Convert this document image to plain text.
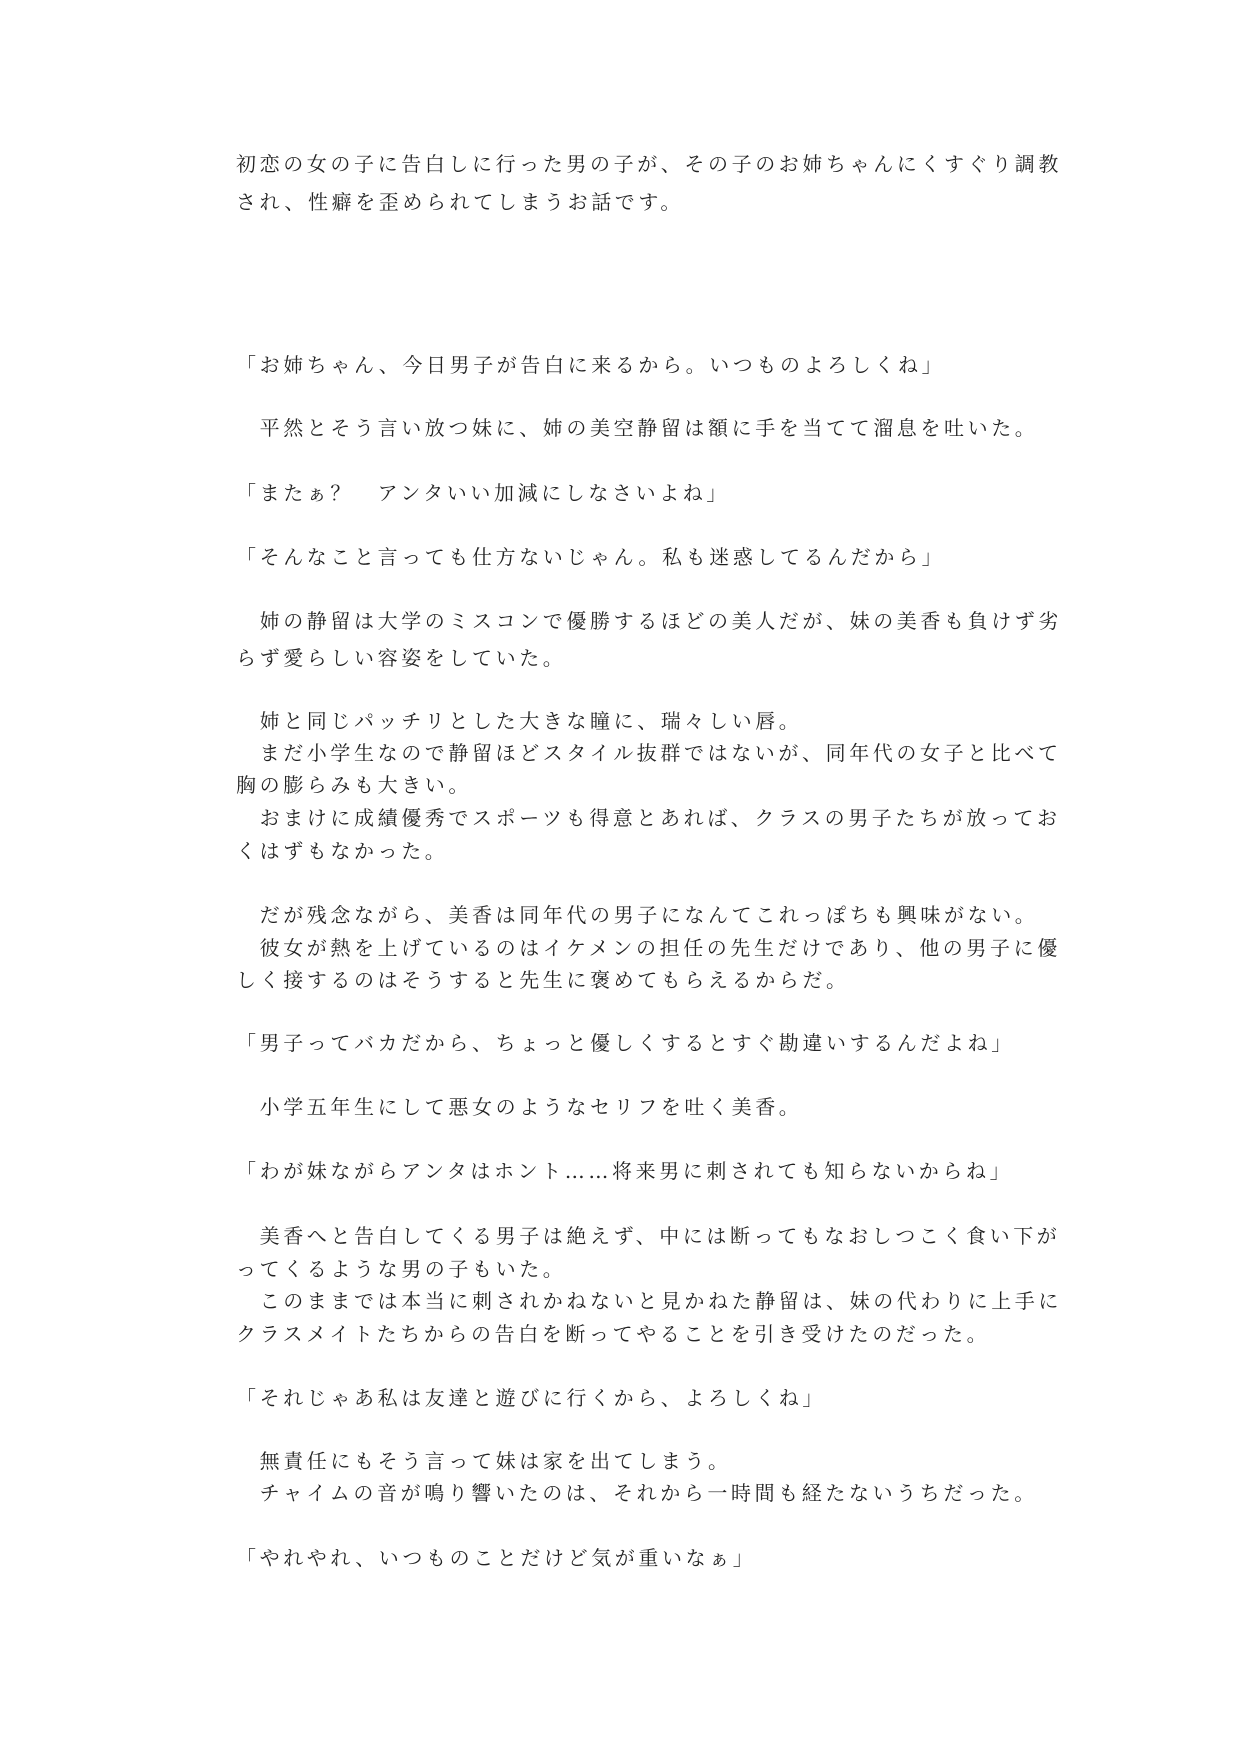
初恋の女の子に告白しに行った男の子が、その子のお姉ちゃんにくすぐり調教
され、性癖を歪められてしまうお話です。
「お姉ちゃん、今日男子が告白に来るから。いつものよろしくね」
　平然とそう言い放つ妹に、姉の美空静留は額に手を当てて溜息を吐いた。
「またぁ？　アンタいい加減にしなさいよね」
「そんなこと言っても仕方ないじゃん。私も迷惑してるんだから」
　姉の静留は大学のミスコンで優勝するほどの美人だが、妹の美香も負けず劣
らず愛らしい容姿をしていた。
　姉と同じパッチリとした大きな瞳に、瑞々しい唇。
　まだ小学生なので静留ほどスタイル抜群ではないが、同年代の女子と比べて
胸の膨らみも大きい。
　おまけに成績優秀でスポーツも得意とあれば、クラスの男子たちが放ってお
くはずもなかった。
　だが残念ながら、美香は同年代の男子になんてこれっぽちも興味がない。
　彼女が熱を上げているのはイケメンの担任の先生だけであり、他の男子に優
しく接するのはそうすると先生に褒めてもらえるからだ。
「男子ってバカだから、ちょっと優しくするとすぐ勘違いするんだよね」
　小学五年生にして悪女のようなセリフを吐く美香。
「わが妹ながらアンタはホント……将来男に刺されても知らないからね」
　美香へと告白してくる男子は絶えず、中には断ってもなおしつこく食い下が
ってくるような男の子もいた。
　このままでは本当に刺されかねないと見かねた静留は、妹の代わりに上手に
クラスメイトたちからの告白を断ってやることを引き受けたのだった。
「それじゃあ私は友達と遊びに行くから、よろしくね」
　無責任にもそう言って妹は家を出てしまう。
　チャイムの音が鳴り響いたのは、それから一時間も経たないうちだった。
「やれやれ、いつものことだけど気が重いなぁ」
